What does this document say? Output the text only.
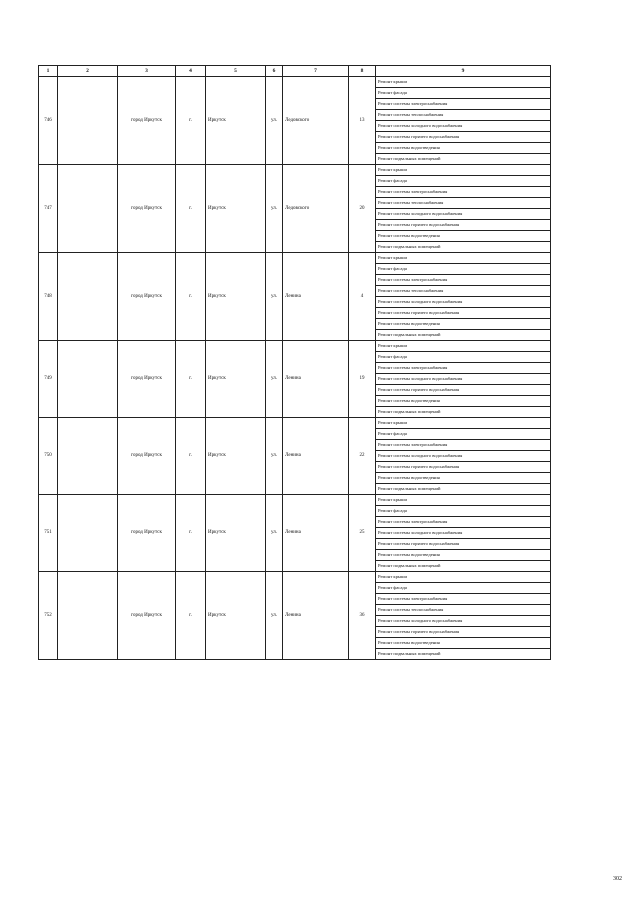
1	2	3	4	5	6	7	8	9
746		город Иркутск	г.	Иркутск	ул.	Ледовского	13	Ремонт крыши
								Ремонт фасада
								Ремонт системы электроснабжения
								Ремонт системы теплоснабжения
								Ремонт системы холодного водоснабжения
								Ремонт системы горячего водоснабжения
								Ремонт системы водоотведения
								Ремонт подвальных помещений
747		город Иркутск	г.	Иркутск	ул.	Ледовского	20	Ремонт крыши
								Ремонт фасада
								Ремонт системы электроснабжения
								Ремонт системы теплоснабжения
								Ремонт системы холодного водоснабжения
								Ремонт системы горячего водоснабжения
								Ремонт системы водоотведения
								Ремонт подвальных помещений
748		город Иркутск	г.	Иркутск	ул.	Ленина	4	Ремонт крыши
								Ремонт фасада
								Ремонт системы электроснабжения
								Ремонт системы теплоснабжения
								Ремонт системы холодного водоснабжения
								Ремонт системы горячего водоснабжения
								Ремонт системы водоотведения
								Ремонт подвальных помещений
749		город Иркутск	г.	Иркутск	ул.	Ленина	19	Ремонт крыши
								Ремонт фасада
								Ремонт системы электроснабжения
								Ремонт системы холодного водоснабжения
								Ремонт системы горячего водоснабжения
								Ремонт системы водоотведения
								Ремонт подвальных помещений
750		город Иркутск	г.	Иркутск	ул.	Ленина	22	Ремонт крыши
								Ремонт фасада
								Ремонт системы электроснабжения
								Ремонт системы холодного водоснабжения
								Ремонт системы горячего водоснабжения
								Ремонт системы водоотведения
								Ремонт подвальных помещений
751		город Иркутск	г.	Иркутск	ул.	Ленина	25	Ремонт крыши
								Ремонт фасада
								Ремонт системы электроснабжения
								Ремонт системы холодного водоснабжения
								Ремонт системы горячего водоснабжения
								Ремонт системы водоотведения
								Ремонт подвальных помещений
752		город Иркутск	г.	Иркутск	ул.	Ленина	36	Ремонт крыши
								Ремонт фасада
								Ремонт системы электроснабжения
								Ремонт системы теплоснабжения
								Ремонт системы холодного водоснабжения
								Ремонт системы горячего водоснабжения
								Ремонт системы водоотведения
								Ремонт подвальных помещений
302
